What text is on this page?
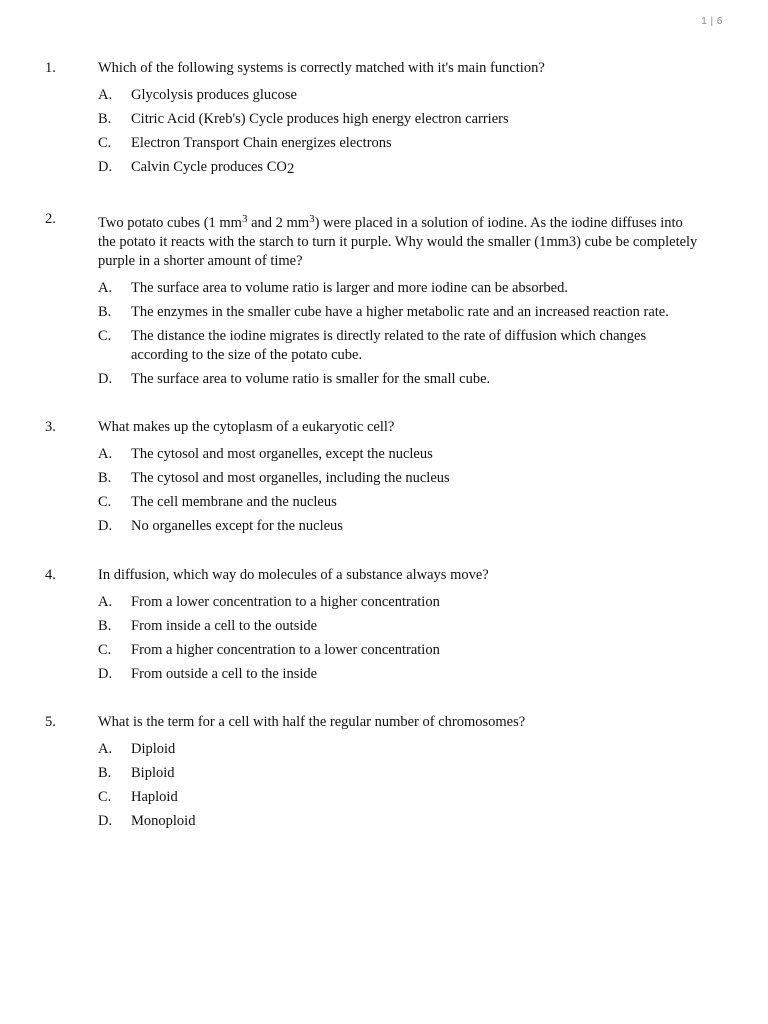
1 | 6
1.	Which of the following systems is correctly matched with it's main function?
A.	Glycolysis produces glucose
B.	Citric Acid (Kreb's) Cycle produces high energy electron carriers
C.	Electron Transport Chain energizes electrons
D.	Calvin Cycle produces CO2
2.	Two potato cubes (1 $mm^3$ and 2 $mm^3$) were placed in a solution of iodine. As the iodine diffuses into the potato it reacts with the starch to turn it purple. Why would the smaller (1mm3) cube be completely purple in a shorter amount of time?
A.	The surface area to volume ratio is larger and more iodine can be absorbed.
B.	The enzymes in the smaller cube have a higher metabolic rate and an increased reaction rate.
C.	The distance the iodine migrates is directly related to the rate of diffusion which changes according to the size of the potato cube.
D.	The surface area to volume ratio is smaller for the small cube.
3.	What makes up the cytoplasm of a eukaryotic cell?
A.	The cytosol and most organelles, except the nucleus
B.	The cytosol and most organelles, including the nucleus
C.	The cell membrane and the nucleus
D.	No organelles except for the nucleus
4.	In diffusion, which way do molecules of a substance always move?
A.	From a lower concentration to a higher concentration
B.	From inside a cell to the outside
C.	From a higher concentration to a lower concentration
D.	From outside a cell to the inside
5.	What is the term for a cell with half the regular number of chromosomes?
A.	Diploid
B.	Biploid
C.	Haploid
D.	Monoploid
